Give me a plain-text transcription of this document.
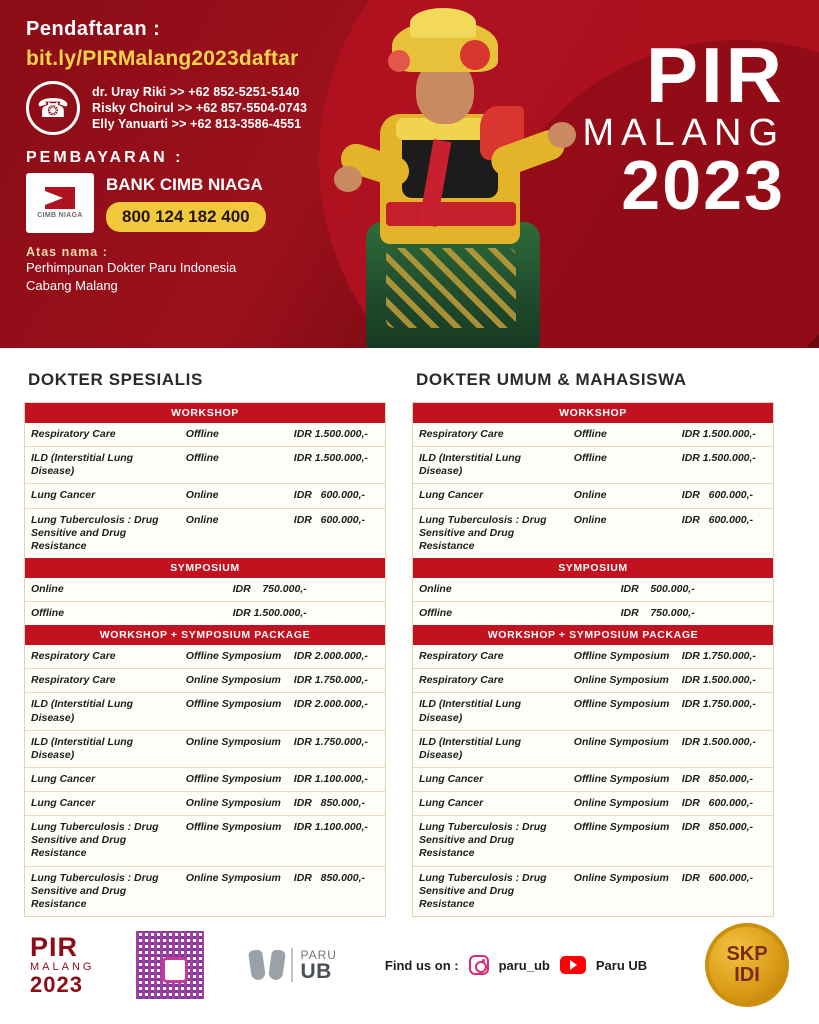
Pendaftaran :
bit.ly/PIRMalang2023daftar
☎
dr. Uray Riki >> +62 852-5251-5140
Risky Choirul >> +62 857-5504-0743
Elly Yanuarti >> +62 813-3586-4551
PEMBAYARAN :
CIMB NIAGA
BANK CIMB NIAGA
800 124 182 400
Atas nama :
Perhimpunan Dokter Paru Indonesia
Cabang Malang
PIR
MALANG
2023
DOKTER SPESIALIS
WORKSHOP
Respiratory Care	Offline	IDR 1.500.000,-
ILD (Interstitial Lung Disease)	Offline	IDR 1.500.000,-
Lung Cancer	Online	IDR   600.000,-
Lung Tuberculosis : Drug Sensitive and Drug Resistance	Online	IDR   600.000,-
SYMPOSIUM
Online	IDR    750.000,-
Offline	IDR 1.500.000,-
WORKSHOP + SYMPOSIUM PACKAGE
Respiratory Care	Offline Symposium	IDR 2.000.000,-
Respiratory Care	Online Symposium	IDR 1.750.000,-
ILD (Interstitial Lung Disease)	Offline Symposium	IDR 2.000.000,-
ILD (Interstitial Lung Disease)	Online Symposium	IDR 1.750.000,-
Lung Cancer	Offline Symposium	IDR 1.100.000,-
Lung Cancer	Online Symposium	IDR   850.000,-
Lung Tuberculosis : Drug Sensitive and Drug Resistance	Offline Symposium	IDR 1.100.000,-
Lung Tuberculosis : Drug Sensitive and Drug Resistance	Online Symposium	IDR   850.000,-
DOKTER UMUM & MAHASISWA
WORKSHOP
Respiratory Care	Offline	IDR 1.500.000,-
ILD (Interstitial Lung Disease)	Offline	IDR 1.500.000,-
Lung Cancer	Online	IDR   600.000,-
Lung Tuberculosis : Drug Sensitive and Drug Resistance	Online	IDR   600.000,-
SYMPOSIUM
Online	IDR    500.000,-
Offline	IDR    750.000,-
WORKSHOP + SYMPOSIUM PACKAGE
Respiratory Care	Offline Symposium	IDR 1.750.000,-
Respiratory Care	Online Symposium	IDR 1.500.000,-
ILD (Interstitial Lung Disease)	Offline Symposium	IDR 1.750.000,-
ILD (Interstitial Lung Disease)	Online Symposium	IDR 1.500.000,-
Lung Cancer	Offline Symposium	IDR   850.000,-
Lung Cancer	Online Symposium	IDR   600.000,-
Lung Tuberculosis : Drug Sensitive and Drug Resistance	Offline Symposium	IDR   850.000,-
Lung Tuberculosis : Drug Sensitive and Drug Resistance	Online Symposium	IDR   600.000,-
PIR
MALANG
2023
PARU
UB	Find us on :	paru_ub	Paru UB	SKP
IDI
